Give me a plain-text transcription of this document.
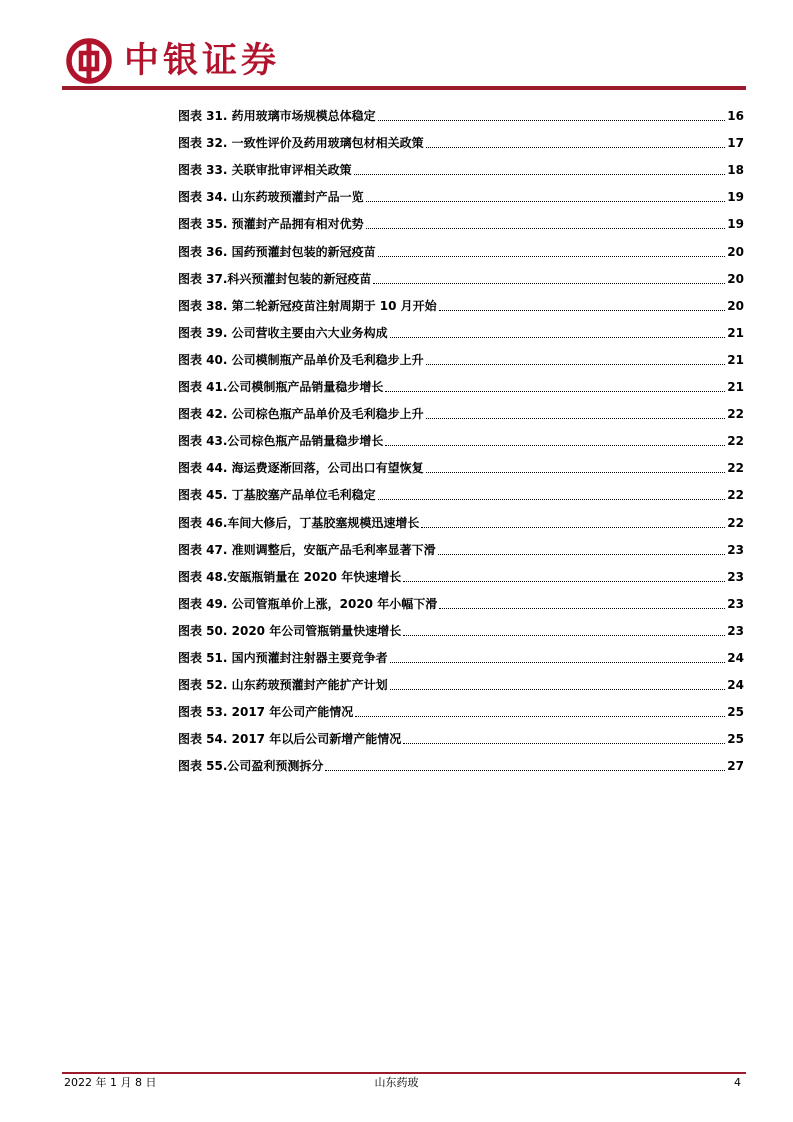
中银证券
图表 31. 药用玻璃市场规模总体稳定	16
图表 32. 一致性评价及药用玻璃包材相关政策	17
图表 33. 关联审批审评相关政策	18
图表 34. 山东药玻预灌封产品一览	19
图表 35. 预灌封产品拥有相对优势	19
图表 36. 国药预灌封包装的新冠疫苗	20
图表 37.科兴预灌封包装的新冠疫苗	20
图表 38. 第二轮新冠疫苗注射周期于 10 月开始	20
图表 39. 公司营收主要由六大业务构成	21
图表 40. 公司模制瓶产品单价及毛利稳步上升	21
图表 41.公司模制瓶产品销量稳步增长	21
图表 42. 公司棕色瓶产品单价及毛利稳步上升	22
图表 43.公司棕色瓶产品销量稳步增长	22
图表 44. 海运费逐渐回落，公司出口有望恢复	22
图表 45. 丁基胶塞产品单位毛利稳定	22
图表 46.车间大修后，丁基胶塞规模迅速增长	22
图表 47. 准则调整后，安瓿产品毛利率显著下滑	23
图表 48.安瓿瓶销量在 2020 年快速增长	23
图表 49. 公司管瓶单价上涨，2020 年小幅下滑	23
图表 50. 2020 年公司管瓶销量快速增长	23
图表 51. 国内预灌封注射器主要竞争者	24
图表 52. 山东药玻预灌封产能扩产计划	24
图表 53. 2017 年公司产能情况	25
图表 54. 2017 年以后公司新增产能情况	25
图表 55.公司盈利预测拆分	27
2022 年 1 月 8 日	山东药玻	4
